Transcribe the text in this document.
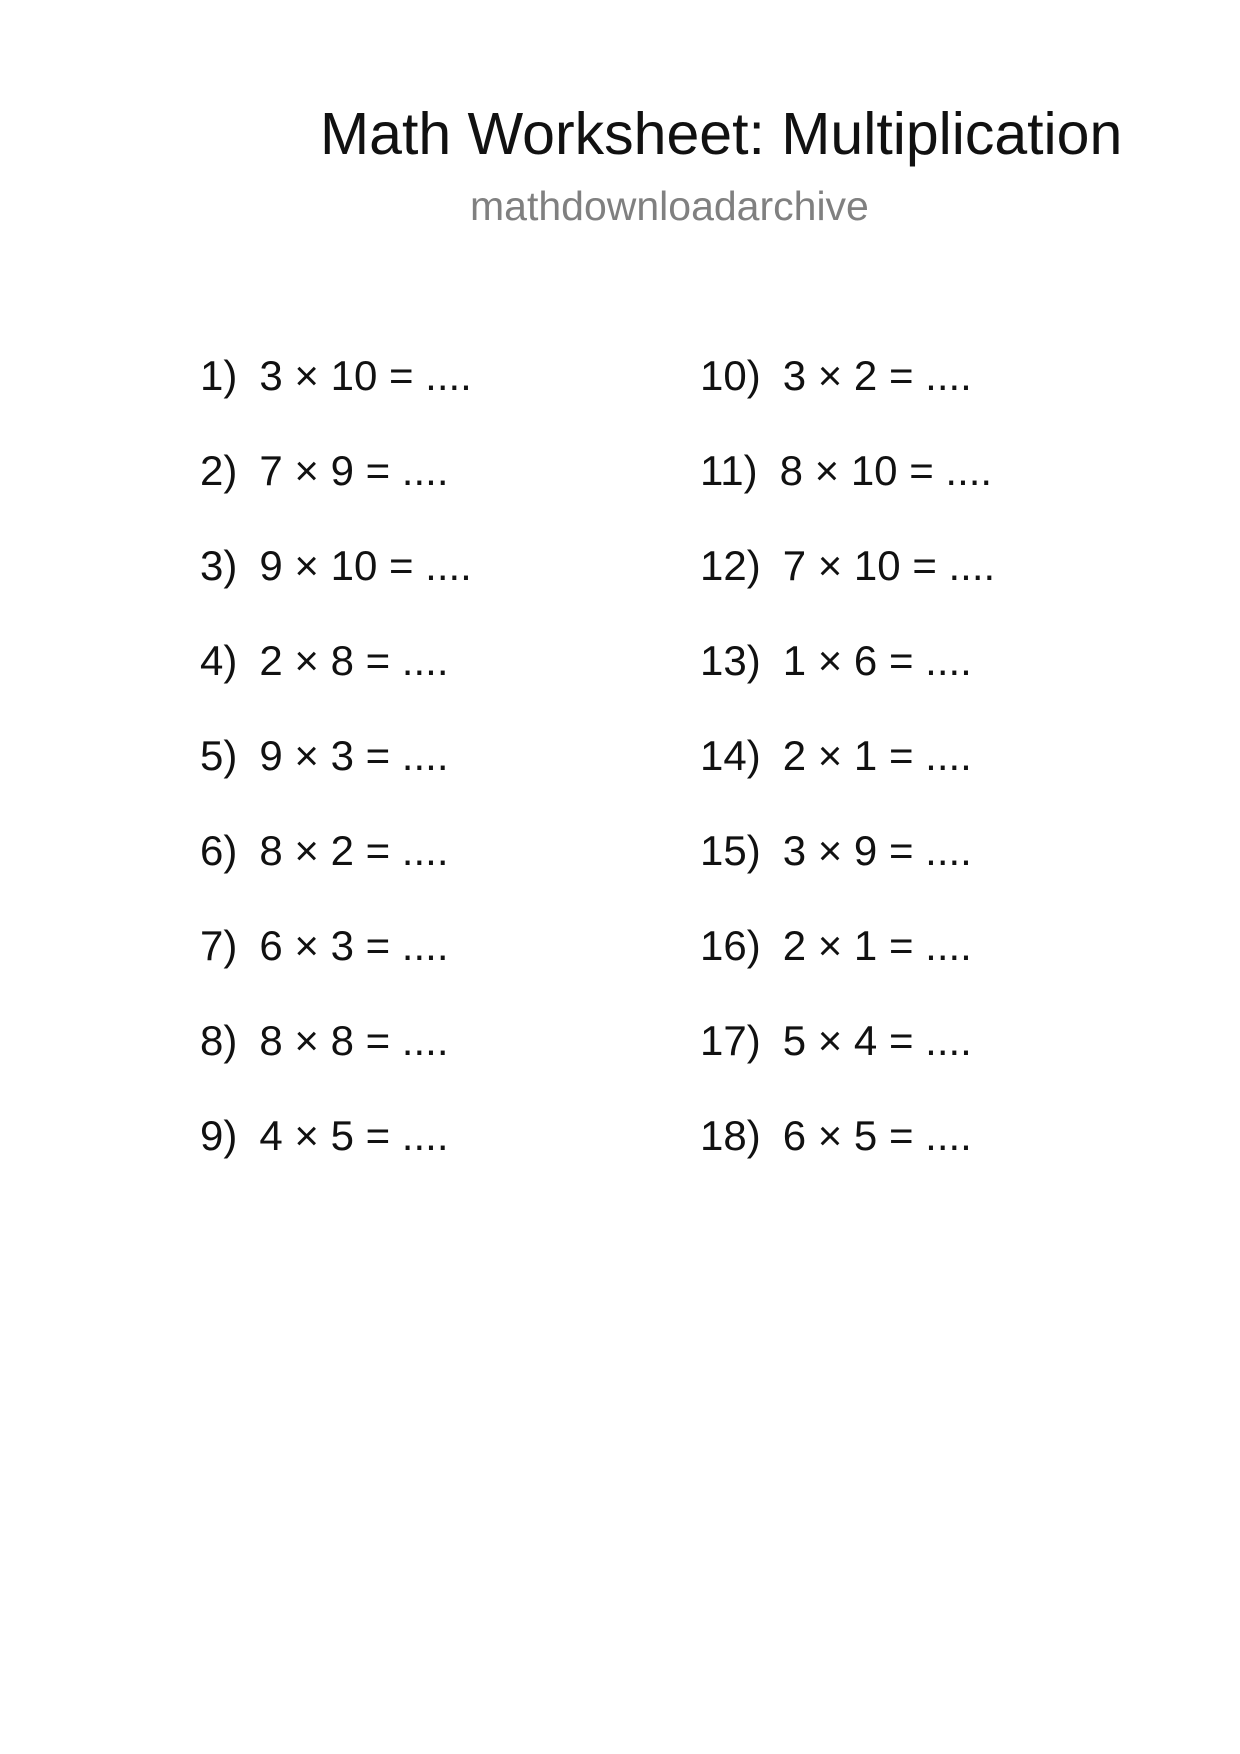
Math Worksheet: Multiplication
mathdownloadarchive
1) 3 × 10 = ....
2) 7 × 9 = ....
3) 9 × 10 = ....
4) 2 × 8 = ....
5) 9 × 3 = ....
6) 8 × 2 = ....
7) 6 × 3 = ....
8) 8 × 8 = ....
9) 4 × 5 = ....
10) 3 × 2 = ....
11) 8 × 10 = ....
12) 7 × 10 = ....
13) 1 × 6 = ....
14) 2 × 1 = ....
15) 3 × 9 = ....
16) 2 × 1 = ....
17) 5 × 4 = ....
18) 6 × 5 = ....
